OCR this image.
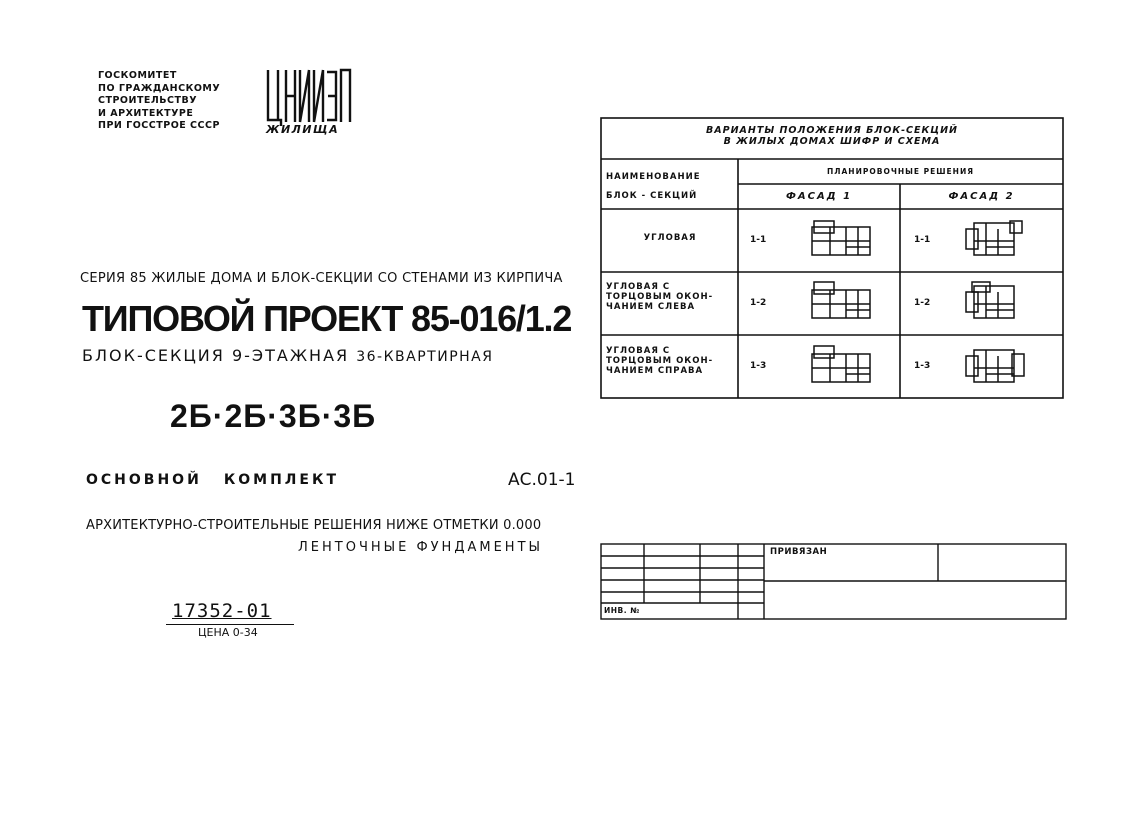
ГОСКОМИТЕТ
ПО ГРАЖДАНСКОМУ
СТРОИТЕЛЬСТВУ
И АРХИТЕКТУРЕ
ПРИ ГОССТРОЕ СССР	ЖИЛИЩА
СЕРИЯ 85 ЖИЛЫЕ ДОМА И БЛОК-СЕКЦИИ СО СТЕНАМИ ИЗ КИРПИЧА
ТИПОВОЙ ПРОЕКТ 85-016/1.2
БЛОК-СЕКЦИЯ 9-ЭТАЖНАЯ 36-КВАРТИРНАЯ
2Б·2Б·3Б·3Б
ОСНОВНОЙ КОМПЛЕКТ	АС.01-1
АРХИТЕКТУРНО-СТРОИТЕЛЬНЫЕ РЕШЕНИЯ НИЖЕ ОТМЕТКИ 0.000
ЛЕНТОЧНЫЕ ФУНДАМЕНТЫ
17352-01
ЦЕНА 0-34
ВАРИАНТЫ ПОЛОЖЕНИЯ БЛОК-СЕКЦИЙ
В ЖИЛЫХ ДОМАХ ШИФР И СХЕМА
НАИМЕНОВАНИЕ
БЛОК - СЕКЦИЙ
ПЛАНИРОВОЧНЫЕ РЕШЕНИЯ
ФАСАД 1	ФАСАД 2
УГЛОВАЯ	1-1	1-1
УГЛОВАЯ С ТОРЦОВЫМ ОКОН-ЧАНИЕМ СЛЕВА	1-2	1-2
УГЛОВАЯ С ТОРЦОВЫМ ОКОН-ЧАНИЕМ СПРАВА	1-3	1-3
ПРИВЯЗАН
ИНВ. №
